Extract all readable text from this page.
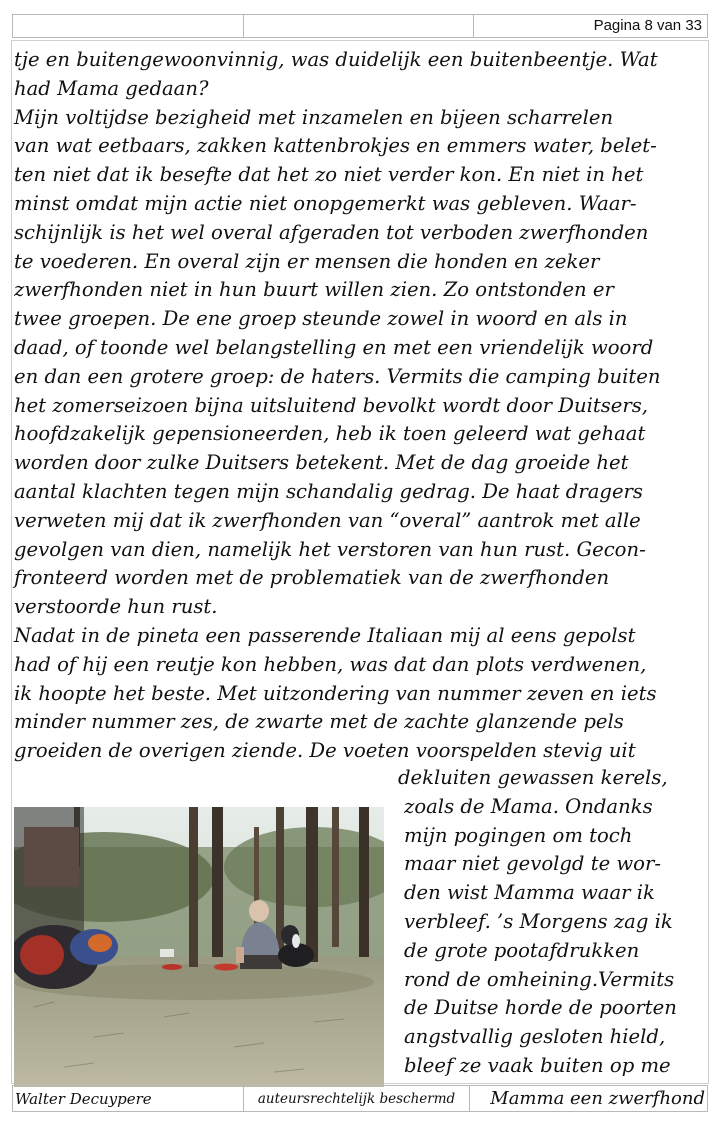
Pagina 8 van 33
tje en buitengewoonvinnig, was duidelijk een buitenbeentje. Wat
had Mama gedaan?
Mijn voltijdse bezigheid met inzamelen en bijeen scharrelen
van wat eetbaars, zakken kattenbrokjes en emmers water, belet-
ten niet dat ik besefte dat het zo niet verder kon. En niet in het
minst omdat mijn actie niet onopgemerkt was gebleven. Waar-
schijnlijk is het wel overal afgeraden tot verboden zwerfhonden
te voederen. En overal zijn er mensen die honden en zeker
zwerfhonden niet in hun buurt willen zien. Zo ontstonden er
twee groepen. De ene groep steunde zowel in woord en als in
daad, of toonde wel belangstelling en met een vriendelijk woord
en dan een grotere groep: de haters. Vermits die camping buiten
het zomerseizoen bijna uitsluitend bevolkt wordt door Duitsers,
hoofdzakelijk gepensioneerden, heb ik toen geleerd wat gehaat
worden door zulke Duitsers betekent. Met de dag groeide het
aantal klachten tegen mijn schandalig gedrag. De haat dragers
verweten mij dat ik zwerfhonden van “overal” aantrok met alle
gevolgen van dien, namelijk het verstoren van hun rust. Gecon-
fronteerd worden met de problematiek van de zwerfhonden
verstoorde hun rust.
Nadat in de pineta een passerende Italiaan mij al eens gepolst
had of hij een reutje kon hebben, was dat dan plots verdwenen,
ik hoopte het beste. Met uitzondering van nummer zeven en iets
minder nummer zes, de zwarte met de zachte glanzende pels
groeiden de overigen ziende. De voeten voorspelden stevig uit
dekluiten gewassen kerels,
zoals de Mama. Ondanks
mijn pogingen om toch
maar niet gevolgd te wor-
den wist Mamma waar ik
verbleef. ’s Morgens zag ik
de grote pootafdrukken
rond de omheining.Vermits
de Duitse horde de poorten
angstvallig gesloten hield,
bleef ze vaak buiten op me
Walter Decuypere	auteursrechtelijk beschermd	Mamma een zwerfhond
